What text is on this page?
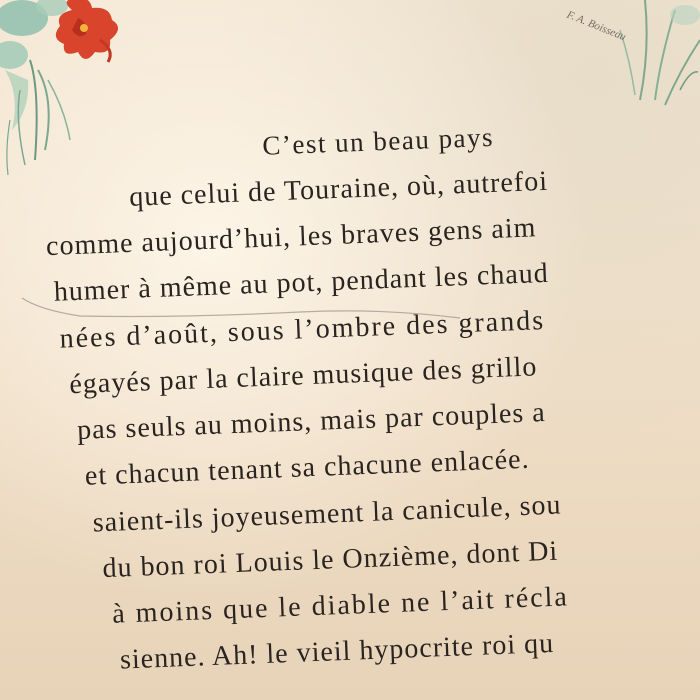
F. A. Boisseau
C’est un beau pays
que celui de Touraine, où, autrefoi
comme aujourd’hui, les braves gens aim
humer à même au pot, pendant les chaud
nées d’août, sous l’ombre des grands
égayés par la claire musique des grillo
pas seuls au moins, mais par couples a
et chacun tenant sa chacune enlacée.
saient-ils joyeusement la canicule, sou
du bon roi Louis le Onzième, dont Di
à moins que le diable ne l’ait récla
sienne. Ah! le vieil hypocrite roi qu
